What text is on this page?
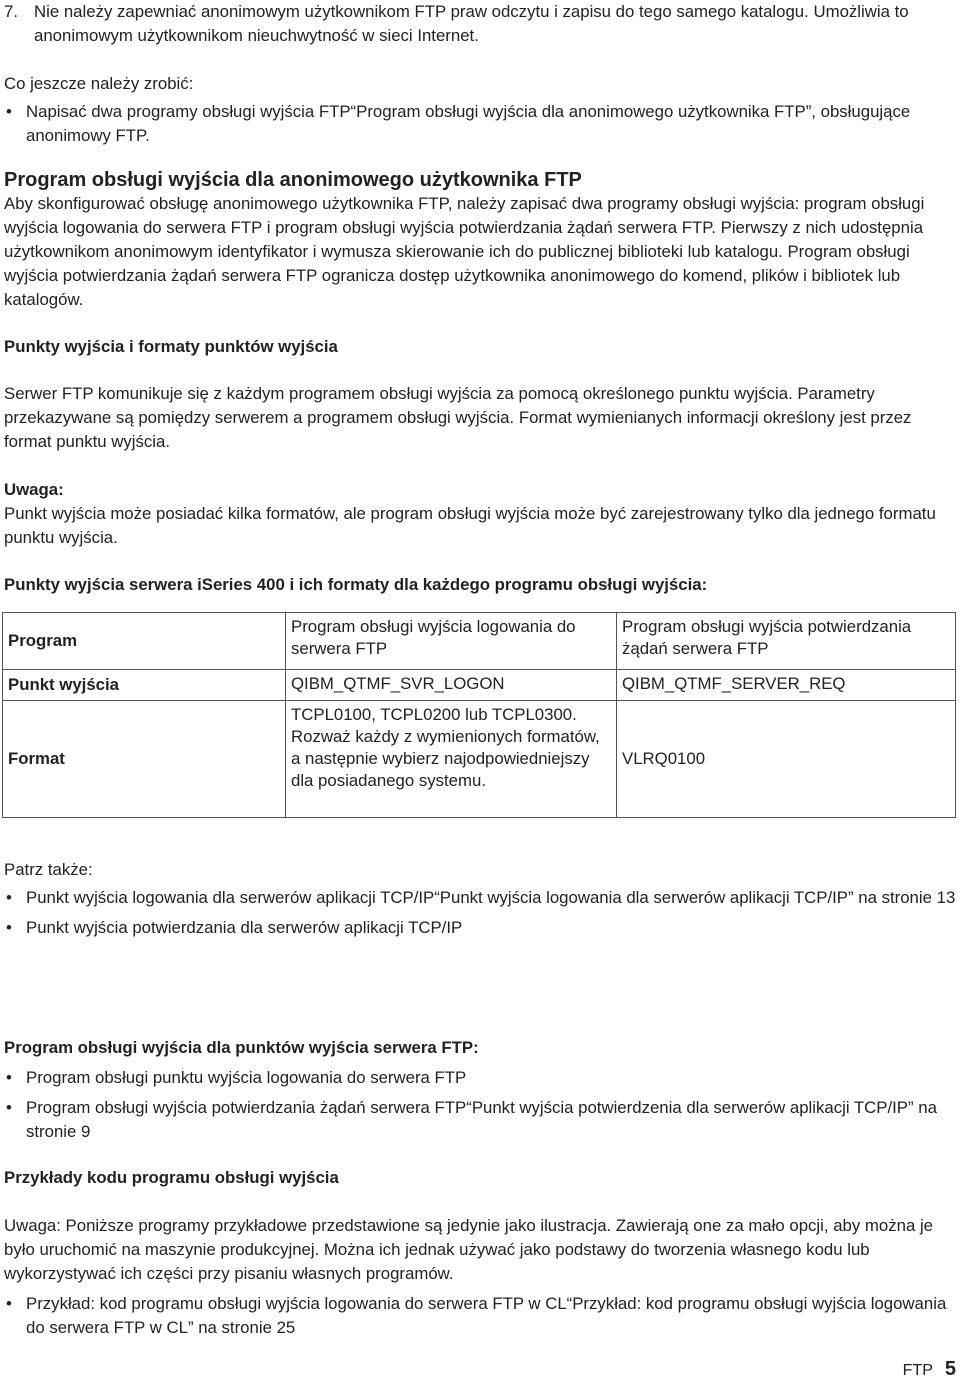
7. Nie należy zapewniać anonimowym użytkownikom FTP praw odczytu i zapisu do tego samego katalogu. Umożliwia to anonimowym użytkownikom nieuchwytność w sieci Internet.

Co jeszcze należy zrobić:

• Napisać dwa programy obsługi wyjścia FTP“Program obsługi wyjścia dla anonimowego użytkownika FTP”, obsługujące anonimowy FTP.

Program obsługi wyjścia dla anonimowego użytkownika FTP

Aby skonfigurować obsługę anonimowego użytkownika FTP, należy zapisać dwa programy obsługi wyjścia: program obsługi wyjścia logowania do serwera FTP i program obsługi wyjścia potwierdzania żądań serwera FTP. Pierwszy z nich udostępnia użytkownikom anonimowym identyfikator i wymusza skierowanie ich do publicznej biblioteki lub katalogu. Program obsługi wyjścia potwierdzania żądań serwera FTP ogranicza dostęp użytkownika anonimowego do komend, plików i bibliotek lub katalogów.

Punkty wyjścia i formaty punktów wyjścia

Serwer FTP komunikuje się z każdym programem obsługi wyjścia za pomocą określonego punktu wyjścia. Parametry przekazywane są pomiędzy serwerem a programem obsługi wyjścia. Format wymienianych informacji określony jest przez format punktu wyjścia.

Uwaga:

Punkt wyjścia może posiadać kilka formatów, ale program obsługi wyjścia może być zarejestrowany tylko dla jednego formatu punktu wyjścia.

Punkty wyjścia serwera iSeries 400 i ich formaty dla każdego programu obsługi wyjścia:

Program	Program obsługi wyjścia logowania do serwera FTP	Program obsługi wyjścia potwierdzania żądań serwera FTP
Punkt wyjścia	QIBM_QTMF_SVR_LOGON	QIBM_QTMF_SERVER_REQ
Format	TCPL0100, TCPL0200 lub TCPL0300. Rozważ każdy z wymienionych formatów, a następnie wybierz najodpowiedniejszy dla posiadanego systemu.	VLRQ0100

Patrz także:

• Punkt wyjścia logowania dla serwerów aplikacji TCP/IP“Punkt wyjścia logowania dla serwerów aplikacji TCP/IP” na stronie 13
• Punkt wyjścia potwierdzania dla serwerów aplikacji TCP/IP

Program obsługi wyjścia dla punktów wyjścia serwera FTP:

• Program obsługi punktu wyjścia logowania do serwera FTP
• Program obsługi wyjścia potwierdzania żądań serwera FTP“Punkt wyjścia potwierdzenia dla serwerów aplikacji TCP/IP” na stronie 9

Przykłady kodu programu obsługi wyjścia

Uwaga: Poniższe programy przykładowe przedstawione są jedynie jako ilustracja. Zawierają one za mało opcji, aby można je było uruchomić na maszynie produkcyjnej. Można ich jednak używać jako podstawy do tworzenia własnego kodu lub wykorzystywać ich części przy pisaniu własnych programów.

• Przykład: kod programu obsługi wyjścia logowania do serwera FTP w CL“Przykład: kod programu obsługi wyjścia logowania do serwera FTP w CL” na stronie 25
FTP 5
